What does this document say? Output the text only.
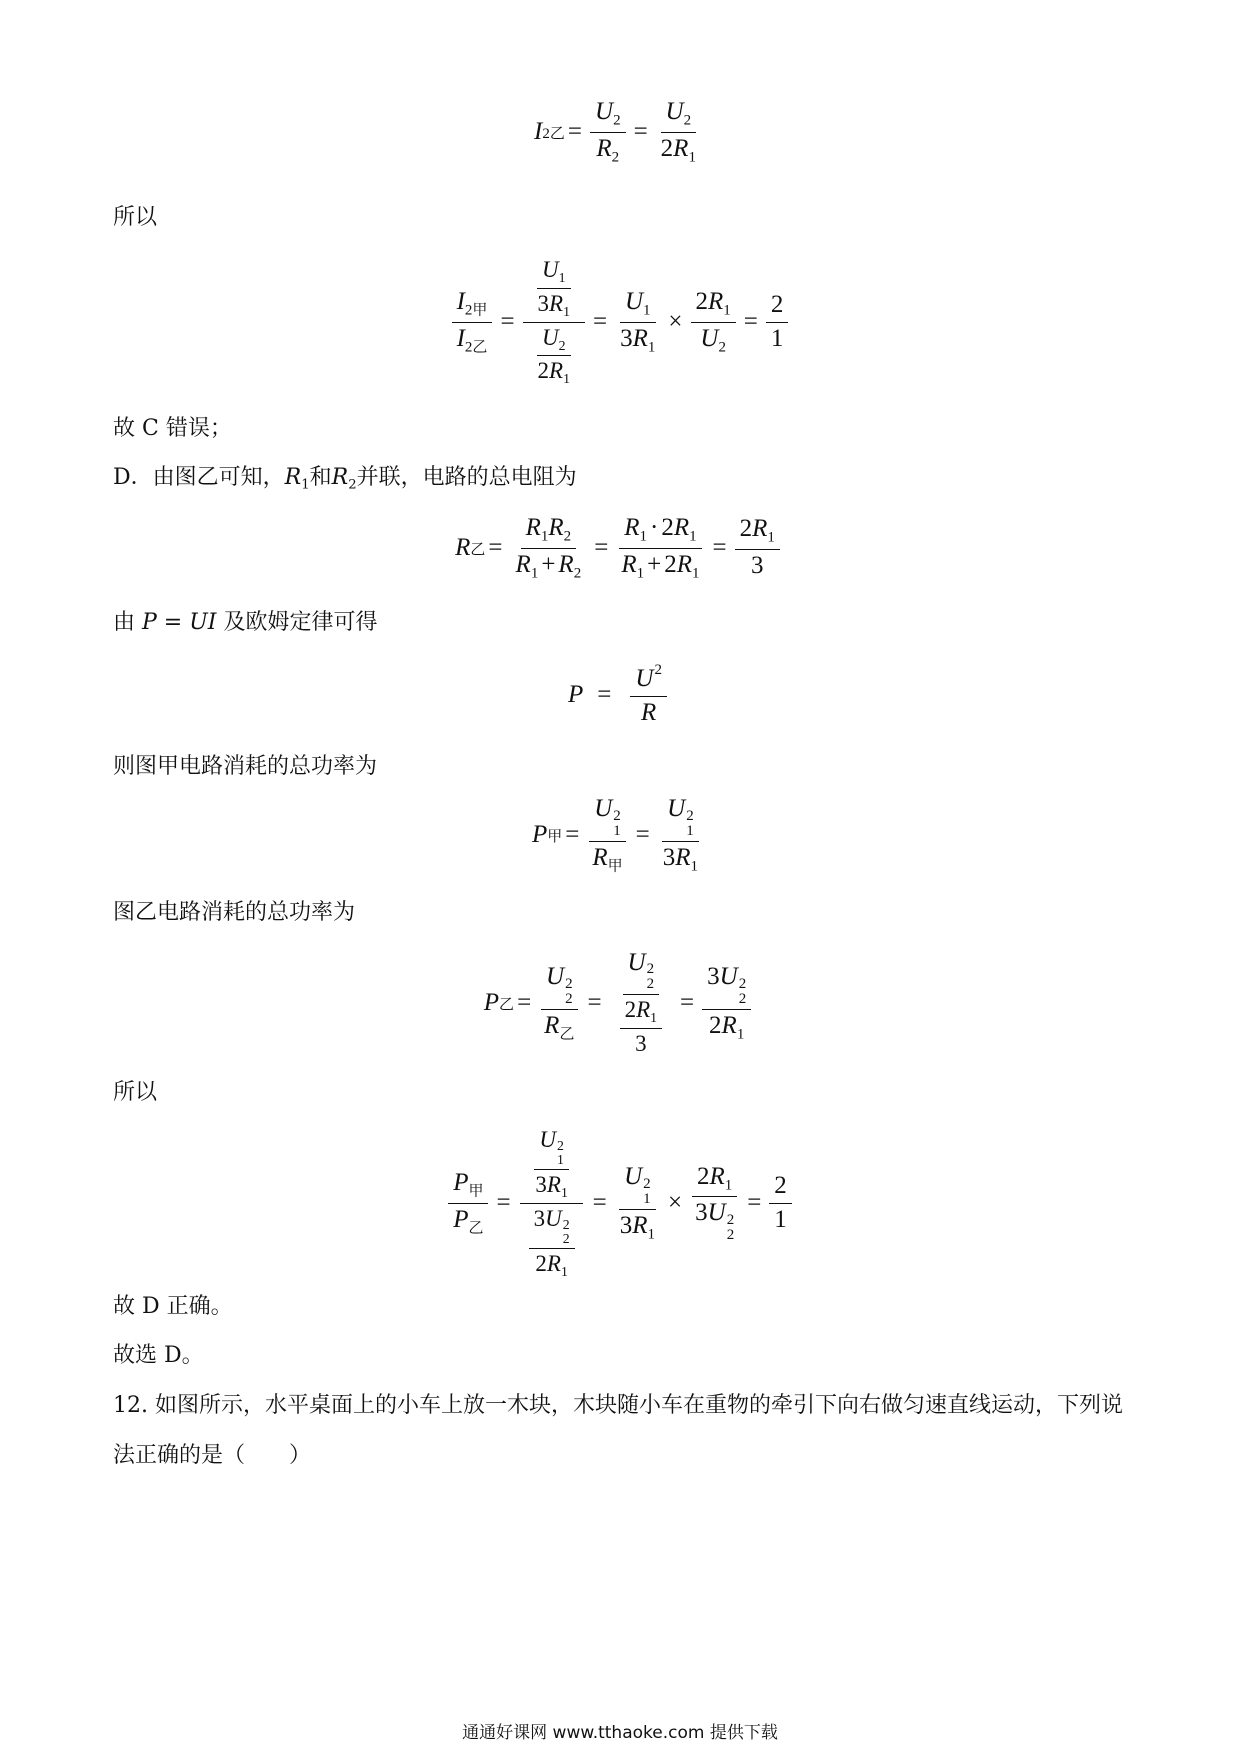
I 2乙 = $\frac{U_2}{R_2} = \frac{U_2}{2R_1}$
所以
$\frac{I_{2甲}}{I_{2乙}} = \frac{\frac{U_1}{3R_1}}{\frac{U_2}{2R_1}} = \frac{U_1}{3R_1} \times \frac{2R_1}{U_2} = \frac{2}{1}$
故 C 错误；
D．由图乙可知，$R_1$和$R_2$并联，电路的总电阻为
R 乙 = $\frac{R_1R_2}{R_1 + R_2} = \frac{R_1 \cdot 2R_1}{R_1 + 2R_1} = \frac{2R_1}{3}$
由 P = UI 及欧姆定律可得
$P = \frac{U^2}{R}$
则图甲电路消耗的总功率为
P 甲 = U 2
1
$R_甲 = U$ 2
1
$3R_1$
图乙电路消耗的总功率为
P 乙 = U 2
2
$R_乙 = U$ 2
2
$\frac{2R_1}{3} = 3U$ 2
2
$2R_1$
所以
$\frac{P_甲}{P_乙} = U$ 2
1
$3R_1$
3U 2
2
$2R_1 = U$ 2
1
$3R_1 \times 2R_1$
3U 2
$2 = \frac{2}{1}$
故 D 正确。
故选 D。
12. 如图所示，水平桌面上的小车上放一木块，木块随小车在重物的牵引下向右做匀速直线运动，下列说
法正确的是（　　）
通通好课网 www.tthaoke.com 提供下载
